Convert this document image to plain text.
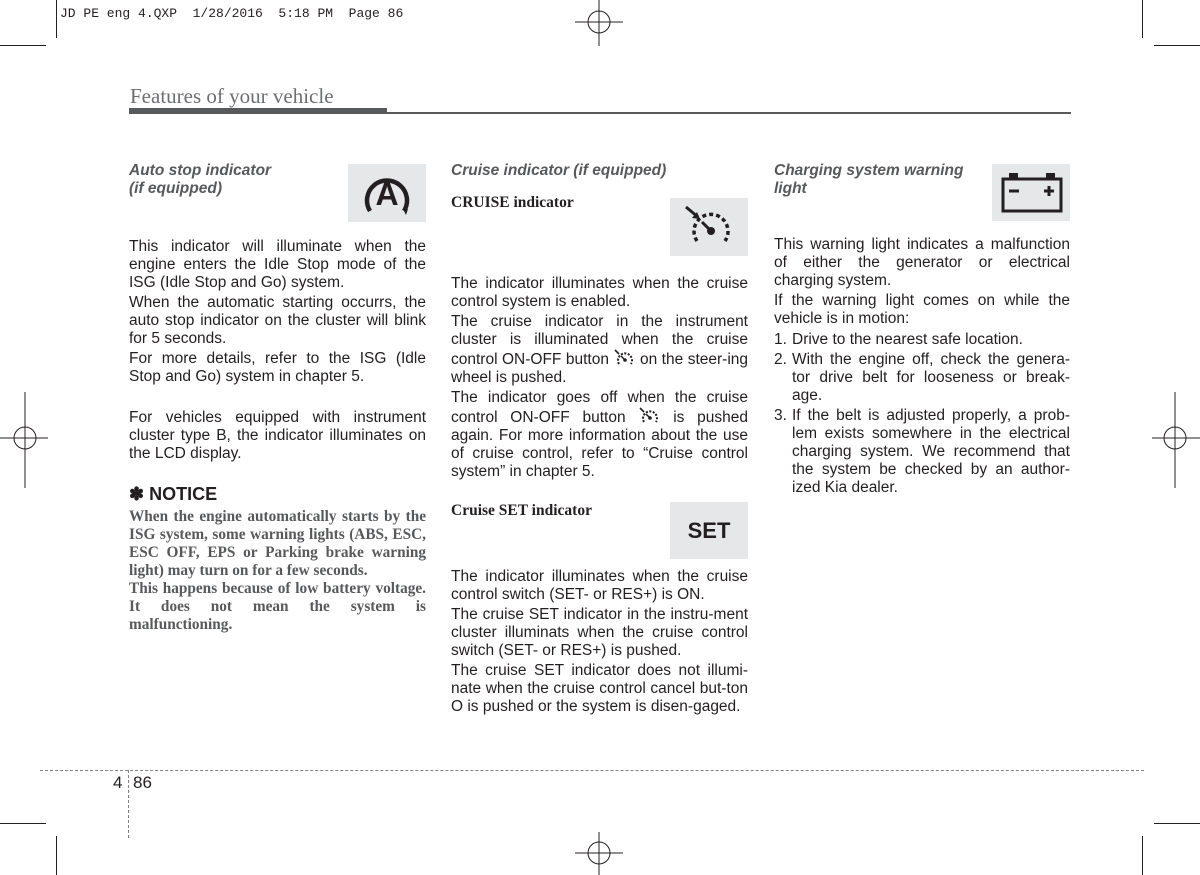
JD PE eng 4.QXP  1/28/2016  5:18 PM  Page 86
Features of your vehicle
Auto stop indicator
(if equipped)	A

This indicator will illuminate when the engine enters the Idle Stop mode of the ISG (Idle Stop and Go) system.

When the automatic starting occurrs, the auto stop indicator on the cluster will blink for 5 seconds.

For more details, refer to the ISG (Idle Stop and Go) system in chapter 5.

For vehicles equipped with instrument cluster type B, the indicator illuminates on the LCD display.

✽ NOTICE

When the engine automatically starts by the ISG system, some warning lights (ABS, ESC, ESC OFF, EPS or Parking brake warning light) may turn on for a few seconds.

This happens because of low battery voltage. It does not mean the system is malfunctioning.

Cruise indicator (if equipped)
CRUISE indicator

The indicator illuminates when the cruise control system is enabled.

The cruise indicator in the instrument cluster is illuminated when the cruise control ON-OFF button on the steer-ing wheel is pushed.

The indicator goes off when the cruise control ON-OFF button	is pushed again. For more information about the use of cruise control, refer to “Cruise control system” in chapter 5.

Cruise SET indicator
SET

The indicator illuminates when the cruise control switch (SET- or RES+) is ON.

The cruise SET indicator in the instru-ment cluster illuminats when the cruise control switch (SET- or RES+) is pushed.

The cruise SET indicator does not illumi-nate when the cruise control cancel but-ton O is pushed or the system is disen-gaged.

Charging system warning
light

This warning light indicates a malfunction of either the generator or electrical charging system.

If the warning light comes on while the vehicle is in motion:

1. Drive to the nearest safe location.
2. With the engine off, check the genera-tor drive belt for looseness or break-age.
3. If the belt is adjusted properly, a prob-lem exists somewhere in the electrical charging system. We recommend that the system be checked by an author-ized Kia dealer.
4 86
